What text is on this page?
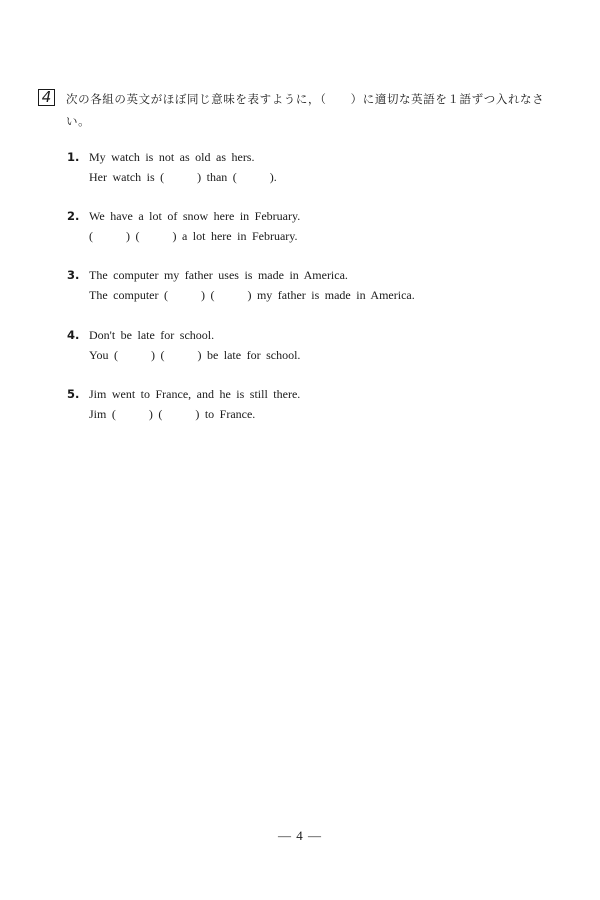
4	次の各組の英文がほぼ同じ意味を表すように，（　　）に適切な英語を１語ずつ入れなさい。
1. My watch is not as old as hers.
Her watch is (      ) than (      ).
2. We have a lot of snow here in February.
(      ) (      ) a lot here in February.
3. The computer my father uses is made in America.
The computer (      ) (      ) my father is made in America.
4. Don't be late for school.
You (      ) (      ) be late for school.
5. Jim went to France, and he is still there.
Jim (      ) (      ) to France.
— 4 —
